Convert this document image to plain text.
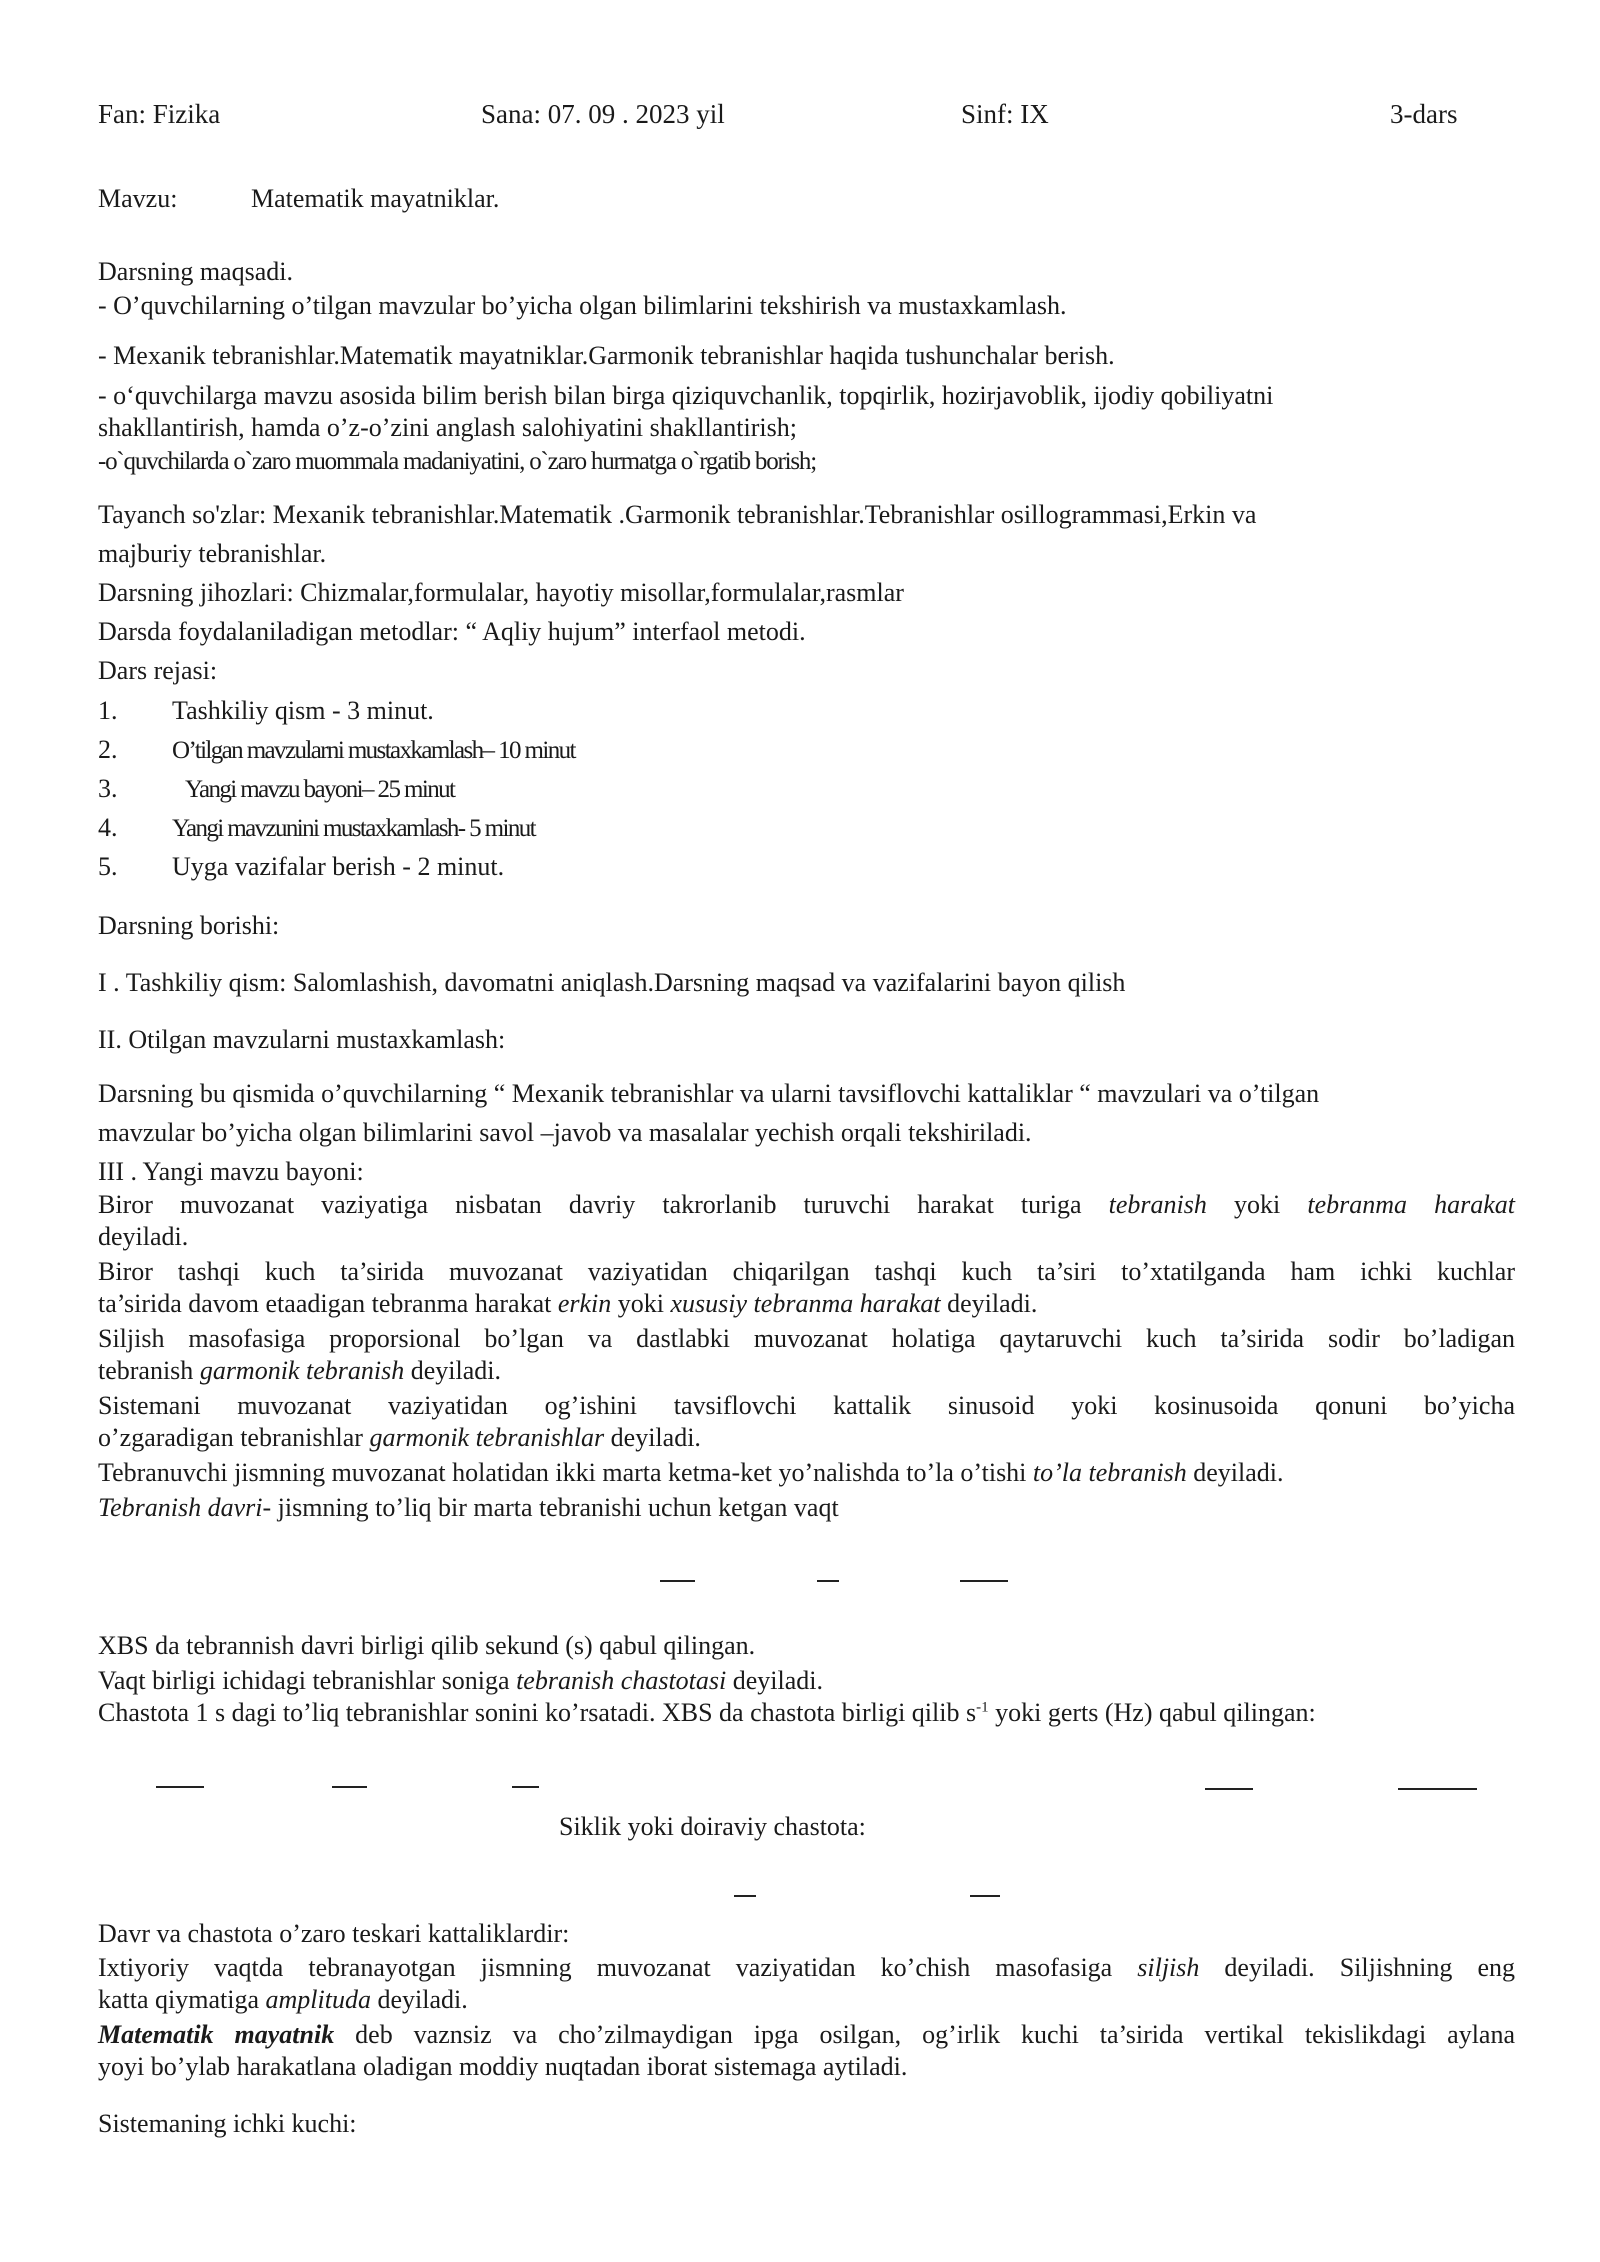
Fan: Fizika	Sana: 07. 09 . 2023 yil	Sinf: IX	3-dars
Mavzu:	Matematik mayatniklar.
Darsning maqsadi.
- O’quvchilarning o’tilgan mavzular bo’yicha olgan bilimlarini tekshirish va mustaxkamlash.
- Mexanik tebranishlar.Matematik mayatniklar.Garmonik tebranishlar haqida tushunchalar berish.
- o‘quvchilarga mavzu asosida bilim berish bilan birga qiziquvchanlik, topqirlik, hozirjavoblik, ijodiy qobiliyatni
shakllantirish, hamda o’z-o’zini anglash salohiyatini shakllantirish;
-o`quvchilarda o`zaro muommala madaniyatini, o`zaro hurmatga o`rgatib borish;
Tayanch so'zlar: Mexanik tebranishlar.Matematik .Garmonik tebranishlar.Tebranishlar osillogrammasi,Erkin va
majburiy tebranishlar.
Darsning jihozlari: Chizmalar,formulalar, hayotiy misollar,formulalar,rasmlar
Darsda foydalaniladigan metodlar: “ Aqliy hujum” interfaol metodi.
Dars rejasi:
1. Tashkiliy qism - 3 minut.
2. O’tilgan mavzularni mustaxkamlash– 10 minut
3.   Yangi mavzu bayoni– 25 minut
4. Yangi mavzunini mustaxkamlash- 5 minut
5. Uyga vazifalar berish - 2 minut.
Darsning borishi:
I . Tashkiliy qism: Salomlashish, davomatni aniqlash.Darsning maqsad va vazifalarini bayon qilish
II. Otilgan mavzularni mustaxkamlash:
Darsning bu qismida o’quvchilarning “ Mexanik tebranishlar va ularni tavsiflovchi kattaliklar “ mavzulari va o’tilgan
mavzular bo’yicha olgan bilimlarini savol –javob va masalalar yechish orqali tekshiriladi.
III . Yangi mavzu bayoni:
Biror muvozanat vaziyatiga nisbatan davriy takrorlanib turuvchi harakat turiga tebranish yoki tebranma harakat
deyiladi.
Biror tashqi kuch ta’sirida muvozanat vaziyatidan chiqarilgan tashqi kuch ta’siri to’xtatilganda ham ichki kuchlar
ta’sirida davom etaadigan tebranma harakat erkin yoki xususiy tebranma harakat deyiladi.
Siljish masofasiga proporsional bo’lgan va dastlabki muvozanat holatiga qaytaruvchi kuch ta’sirida sodir bo’ladigan
tebranish garmonik tebranish deyiladi.
Sistemani muvozanat vaziyatidan og’ishini tavsiflovchi kattalik sinusoid yoki kosinusoida qonuni bo’yicha
o’zgaradigan tebranishlar garmonik tebranishlar deyiladi.
Tebranuvchi jismning muvozanat holatidan ikki marta ketma-ket yo’nalishda to’la o’tishi to’la tebranish deyiladi.
Tebranish davri- jismning to’liq bir marta tebranishi uchun ketgan vaqt
XBS da tebrannish davri birligi qilib sekund (s) qabul qilingan.
Vaqt birligi ichidagi tebranishlar soniga tebranish chastotasi deyiladi.
Chastota 1 s dagi to’liq tebranishlar sonini ko’rsatadi. XBS da chastota birligi qilib $s^{-1}$ yoki gerts (Hz) qabul qilingan:
Siklik yoki doiraviy chastota:
Davr va chastota o’zaro teskari kattaliklardir:
Ixtiyoriy vaqtda tebranayotgan jismning muvozanat vaziyatidan ko’chish masofasiga siljish deyiladi. Siljishning eng
katta qiymatiga amplituda deyiladi.
Matematik mayatnik deb vaznsiz va cho’zilmaydigan ipga osilgan, og’irlik kuchi ta’sirida vertikal tekislikdagi aylana
yoyi bo’ylab harakatlana oladigan moddiy nuqtadan iborat sistemaga aytiladi.
Sistemaning ichki kuchi:
